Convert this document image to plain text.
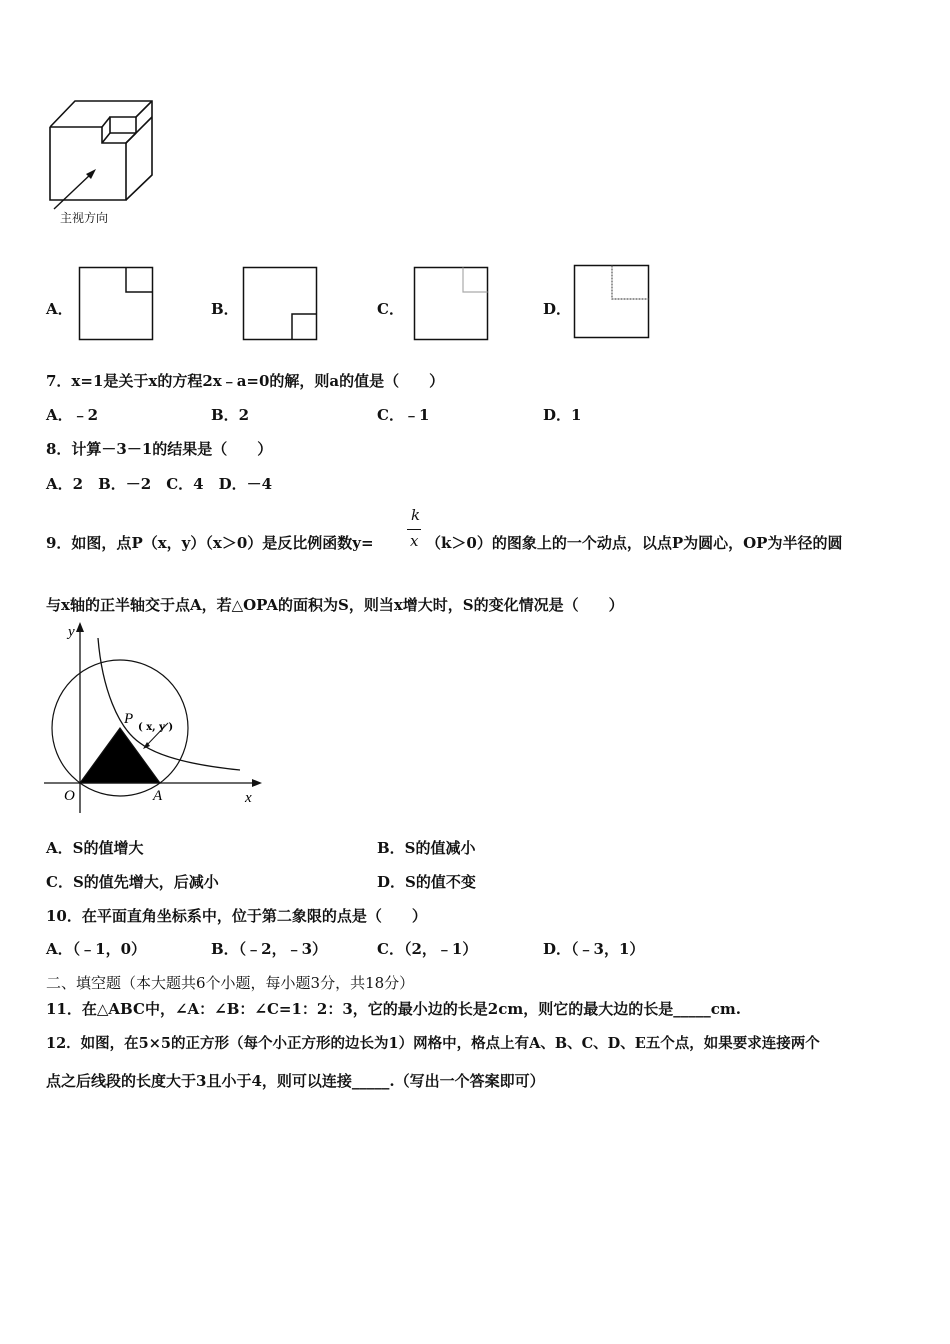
主视方向
A．	B．	C．	D．
7．x=1是关于x的方程2x﹣a=0的解，则a的值是（　　）
A．﹣2	B．2	C．﹣1	D．1
8．计算－3－1的结果是（　　）
A．2　B．－2　C．4　D．－4
9．如图，点P（x，y）（x＞0）是反比例函数y=
k
x （k＞0）的图象上的一个动点，以点P为圆心，OP为半径的圆
与x轴的正半轴交于点A，若△OPA的面积为S，则当x增大时，S的变化情况是（　　）
y
x
O	A
P
( x, y )
A．S的值增大	B．S的值减小
C．S的值先增大，后减小	D．S的值不变
10．在平面直角坐标系中，位于第二象限的点是（　　）
A．（﹣1，0）	B．（﹣2，﹣3）	C．（2，﹣1）	D．（﹣3，1）
二、填空题（本大题共6个小题，每小题3分，共18分）
11．在△ABC中，∠A：∠B：∠C=1：2：3，它的最小边的长是2cm，则它的最大边的长是_____cm.
12．如图，在5×5的正方形（每个小正方形的边长为1）网格中，格点上有A、B、C、D、E五个点，如果要求连接两个
点之后线段的长度大于3且小于4，则可以连接_____.（写出一个答案即可）
